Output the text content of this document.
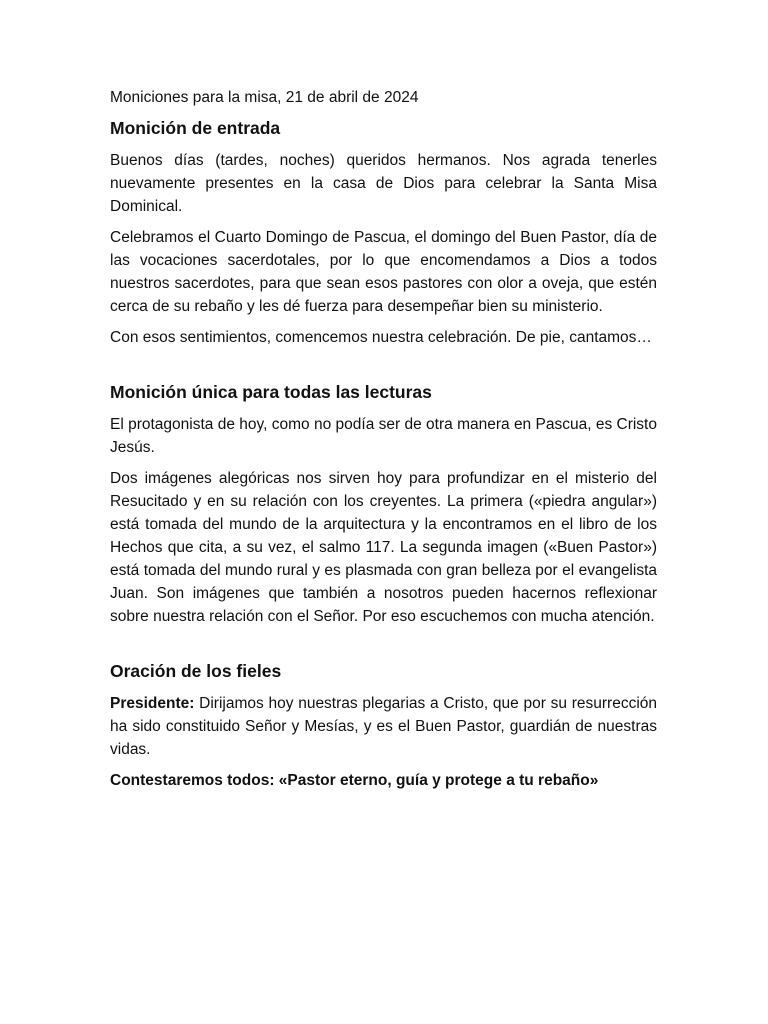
Moniciones para la misa, 21 de abril de 2024
Monición de entrada

Buenos días (tardes, noches) queridos hermanos. Nos agrada tenerles nuevamente presentes en la casa de Dios para celebrar la Santa Misa Dominical.

Celebramos el Cuarto Domingo de Pascua, el domingo del Buen Pastor, día de las vocaciones sacerdotales, por lo que encomendamos a Dios a todos nuestros sacerdotes, para que sean esos pastores con olor a oveja, que estén cerca de su rebaño y les dé fuerza para desempeñar bien su ministerio.

Con esos sentimientos, comencemos nuestra celebración. De pie, cantamos…

Monición única para todas las lecturas

El protagonista de hoy, como no podía ser de otra manera en Pascua, es Cristo Jesús.

Dos imágenes alegóricas nos sirven hoy para profundizar en el misterio del Resucitado y en su relación con los creyentes. La primera («piedra angular») está tomada del mundo de la arquitectura y la encontramos en el libro de los Hechos que cita, a su vez, el salmo 117. La segunda imagen («Buen Pastor») está tomada del mundo rural y es plasmada con gran belleza por el evangelista Juan. Son imágenes que también a nosotros pueden hacernos reflexionar sobre nuestra relación con el Señor. Por eso escuchemos con mucha atención.

Oración de los fieles

Presidente: Dirijamos hoy nuestras plegarias a Cristo, que por su resurrección ha sido constituido Señor y Mesías, y es el Buen Pastor, guardián de nuestras vidas.

Contestaremos todos: «Pastor eterno, guía y protege a tu rebaño»
